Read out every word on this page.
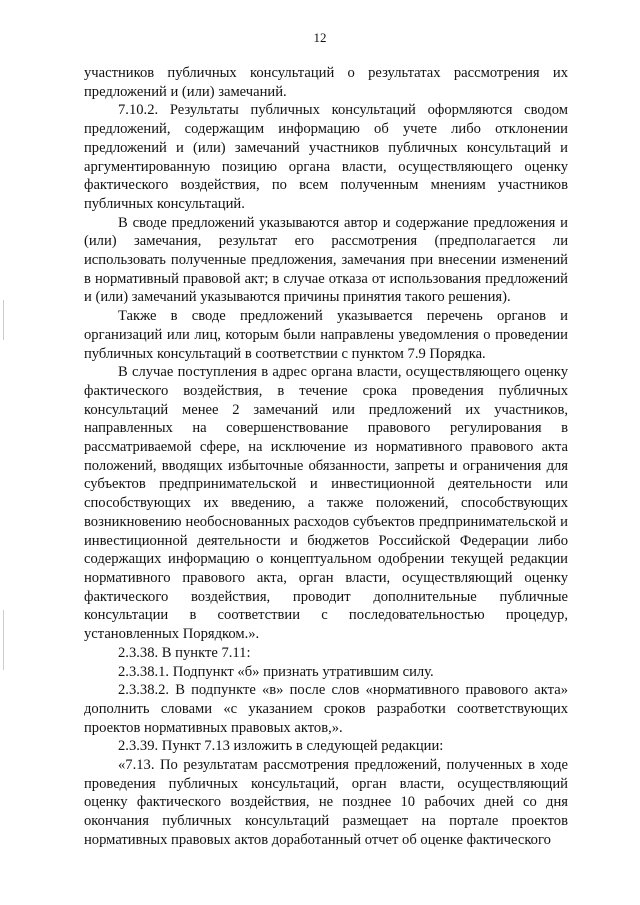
12

участников публичных консультаций о результатах рассмотрения их предложений и (или) замечаний.

7.10.2. Результаты публичных консультаций оформляются сводом предложений, содержащим информацию об учете либо отклонении предложений и (или) замечаний участников публичных консультаций и аргументированную позицию органа власти, осуществляющего оценку фактического воздействия, по всем полученным мнениям участников публичных консультаций.

В своде предложений указываются автор и содержание предложения и (или) замечания, результат его рассмотрения (предполагается ли использовать полученные предложения, замечания при внесении изменений в нормативный правовой акт; в случае отказа от использования предложений и (или) замечаний указываются причины принятия такого решения).

Также в своде предложений указывается перечень органов и организаций или лиц, которым были направлены уведомления о проведении публичных консультаций в соответствии с пунктом 7.9 Порядка.

В случае поступления в адрес органа власти, осуществляющего оценку фактического воздействия, в течение срока проведения публичных консультаций менее 2 замечаний или предложений их участников, направленных на совершенствование правового регулирования в рассматриваемой сфере, на исключение из нормативного правового акта положений, вводящих избыточные обязанности, запреты и ограничения для субъектов предпринимательской и инвестиционной деятельности или способствующих их введению, а также положений, способствующих возникновению необоснованных расходов субъектов предпринимательской и инвестиционной деятельности и бюджетов Российской Федерации либо содержащих информацию о концептуальном одобрении текущей редакции нормативного правового акта, орган власти, осуществляющий оценку фактического воздействия, проводит дополнительные публичные консультации в соответствии с последовательностью процедур, установленных Порядком.».

2.3.38. В пункте 7.11:

2.3.38.1. Подпункт «б» признать утратившим силу.

2.3.38.2. В подпункте «в» после слов «нормативного правового акта» дополнить словами «с указанием сроков разработки соответствующих проектов нормативных правовых актов,».

2.3.39. Пункт 7.13 изложить в следующей редакции:

«7.13. По результатам рассмотрения предложений, полученных в ходе проведения публичных консультаций, орган власти, осуществляющий оценку фактического воздействия, не позднее 10 рабочих дней со дня окончания публичных консультаций размещает на портале проектов нормативных правовых актов доработанный отчет об оценке фактического
